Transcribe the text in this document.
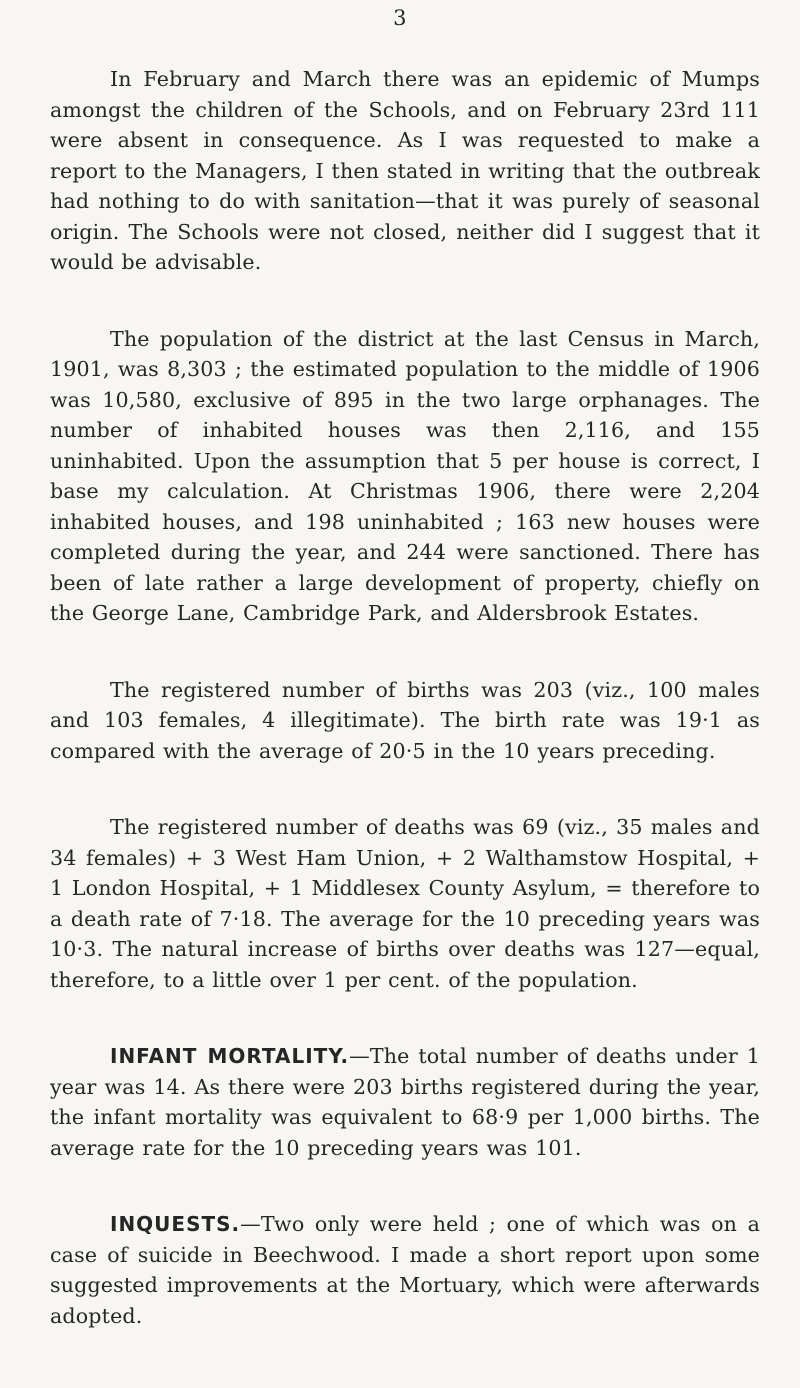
3

In February and March there was an epidemic of Mumps amongst the children of the Schools, and on February 23rd 111 were absent in consequence. As I was requested to make a report to the Managers, I then stated in writing that the outbreak had nothing to do with sanitation—that it was purely of seasonal origin. The Schools were not closed, neither did I suggest that it would be advisable.

The population of the district at the last Census in March, 1901, was 8,303 ; the estimated population to the middle of 1906 was 10,580, exclusive of 895 in the two large orphanages. The number of inhabited houses was then 2,116, and 155 uninhabited. Upon the assumption that 5 per house is correct, I base my calculation. At Christmas 1906, there were 2,204 inhabited houses, and 198 uninhabited ; 163 new houses were completed during the year, and 244 were sanctioned. There has been of late rather a large development of property, chiefly on the George Lane, Cambridge Park, and Aldersbrook Estates.

The registered number of births was 203 (viz., 100 males and 103 females, 4 illegitimate). The birth rate was 19·1 as compared with the average of 20·5 in the 10 years preceding.

The registered number of deaths was 69 (viz., 35 males and 34 females) + 3 West Ham Union, + 2 Walthamstow Hospital, + 1 London Hospital, + 1 Middlesex County Asylum, = therefore to a death rate of 7·18. The average for the 10 preceding years was 10·3. The natural increase of births over deaths was 127—equal, therefore, to a little over 1 per cent. of the population.

INFANT MORTALITY.—The total number of deaths under 1 year was 14. As there were 203 births registered during the year, the infant mortality was equivalent to 68·9 per 1,000 births. The average rate for the 10 preceding years was 101.

INQUESTS.—Two only were held ; one of which was on a case of suicide in Beechwood. I made a short report upon some suggested improvements at the Mortuary, which were afterwards adopted.
